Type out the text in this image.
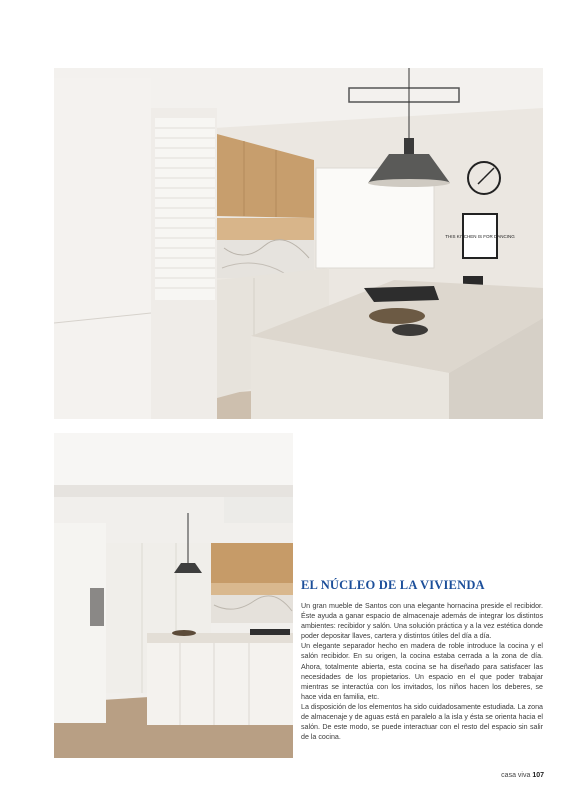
THIS KITCHEN IS FOR DANCING
EL NÚCLEO DE LA VIVIENDA

Un gran mueble de Santos con una elegante hornacina preside el recibidor. Éste ayuda a ganar espacio de almacenaje además de integrar los distintos ambientes: recibidor y salón. Una solución práctica y a la vez estética donde poder depositar llaves, cartera y distintos útiles del día a día.

Un elegante separador hecho en madera de roble introduce la cocina y el salón recibidor. En su origen, la cocina estaba cerrada a la zona de día. Ahora, totalmente abierta, esta cocina se ha diseñado para satisfacer las necesidades de los propietarios. Un espacio en el que poder trabajar mientras se interactúa con los invitados, los niños hacen los deberes, se hace vida en familia, etc.

La disposición de los elementos ha sido cuidadosamente estudiada. La zona de almacenaje y de aguas está en paralelo a la isla y ésta se orienta hacia el salón. De este modo, se puede interactuar con el resto del espacio sin salir de la cocina.

casa viva 107
